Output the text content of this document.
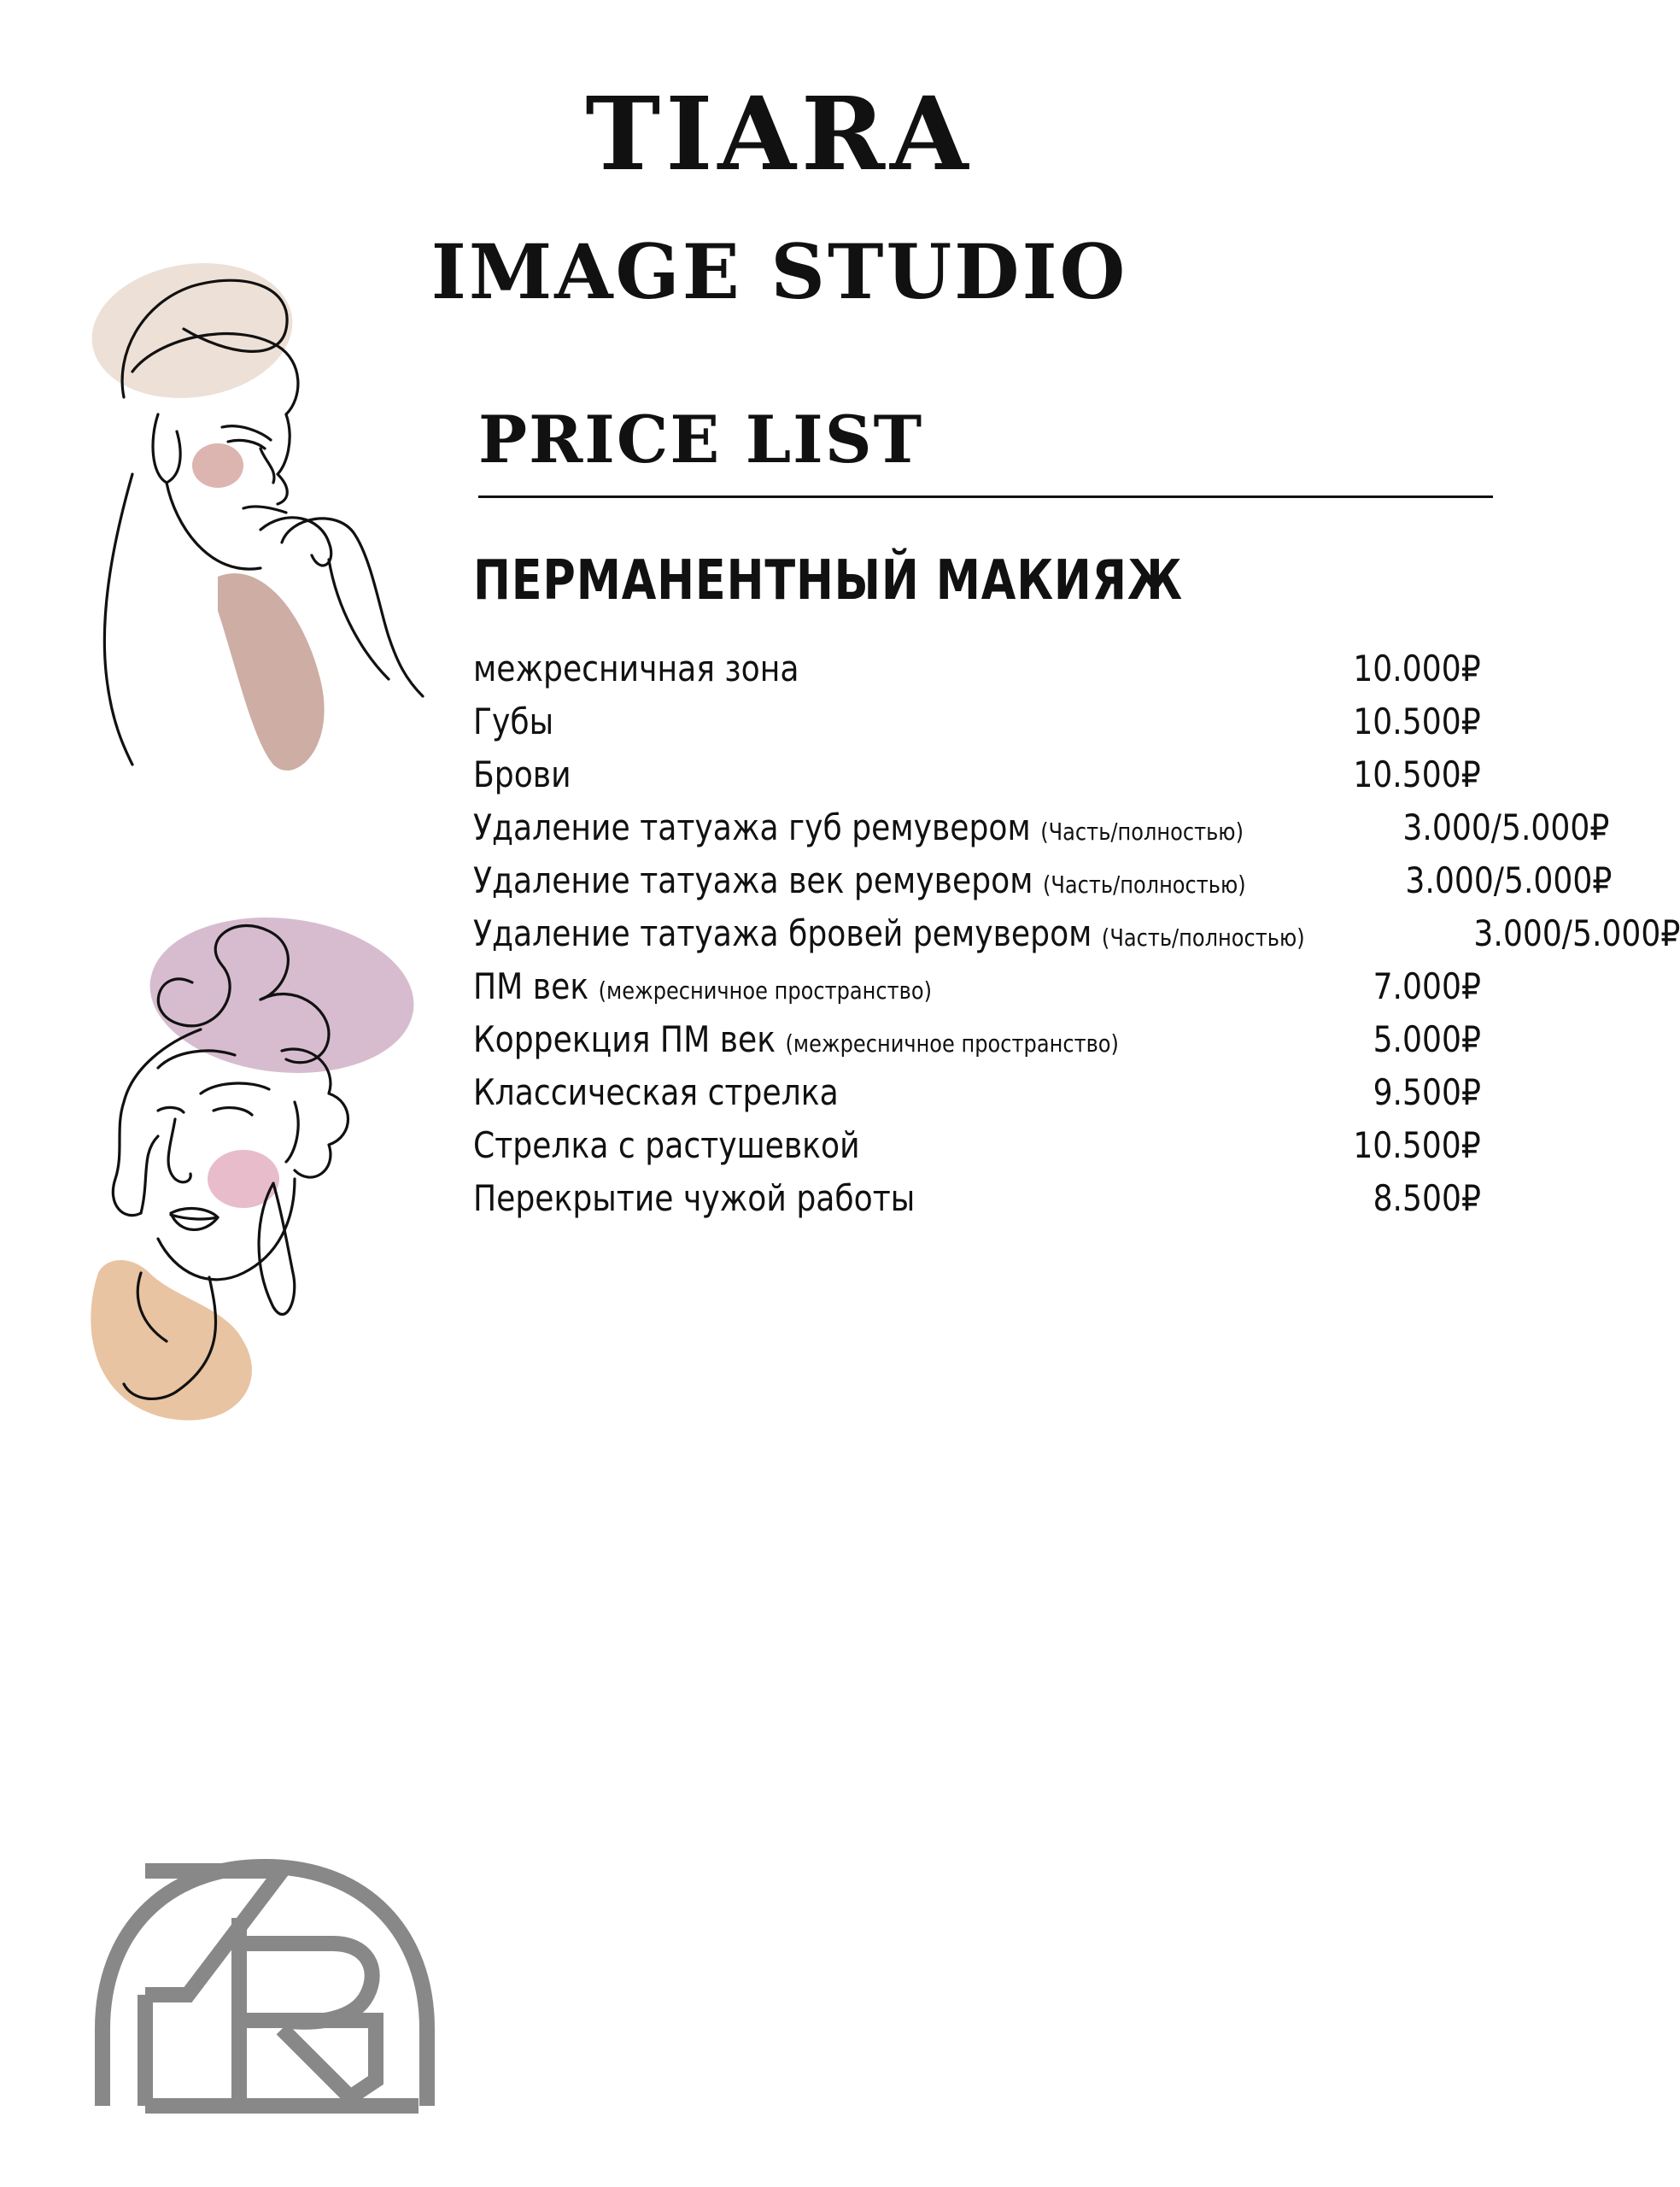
TIARA
IMAGE STUDIO
PRICE LIST
ПЕРМАНЕНТНЫЙ МАКИЯЖ
межресничная зона	10.000₽
Губы	10.500₽
Брови	10.500₽
Удаление татуажа губ ремувером (Часть/полностью)	3.000/5.000₽
Удаление татуажа век ремувером (Часть/полностью)	3.000/5.000₽
Удаление татуажа бровей ремувером (Часть/полностью)	3.000/5.000₽
ПМ век (межресничное пространство)	7.000₽
Коррекция ПМ век (межресничное пространство)	5.000₽
Классическая стрелка	9.500₽
Стрелка с растушевкой	10.500₽
Перекрытие чужой работы	8.500₽
